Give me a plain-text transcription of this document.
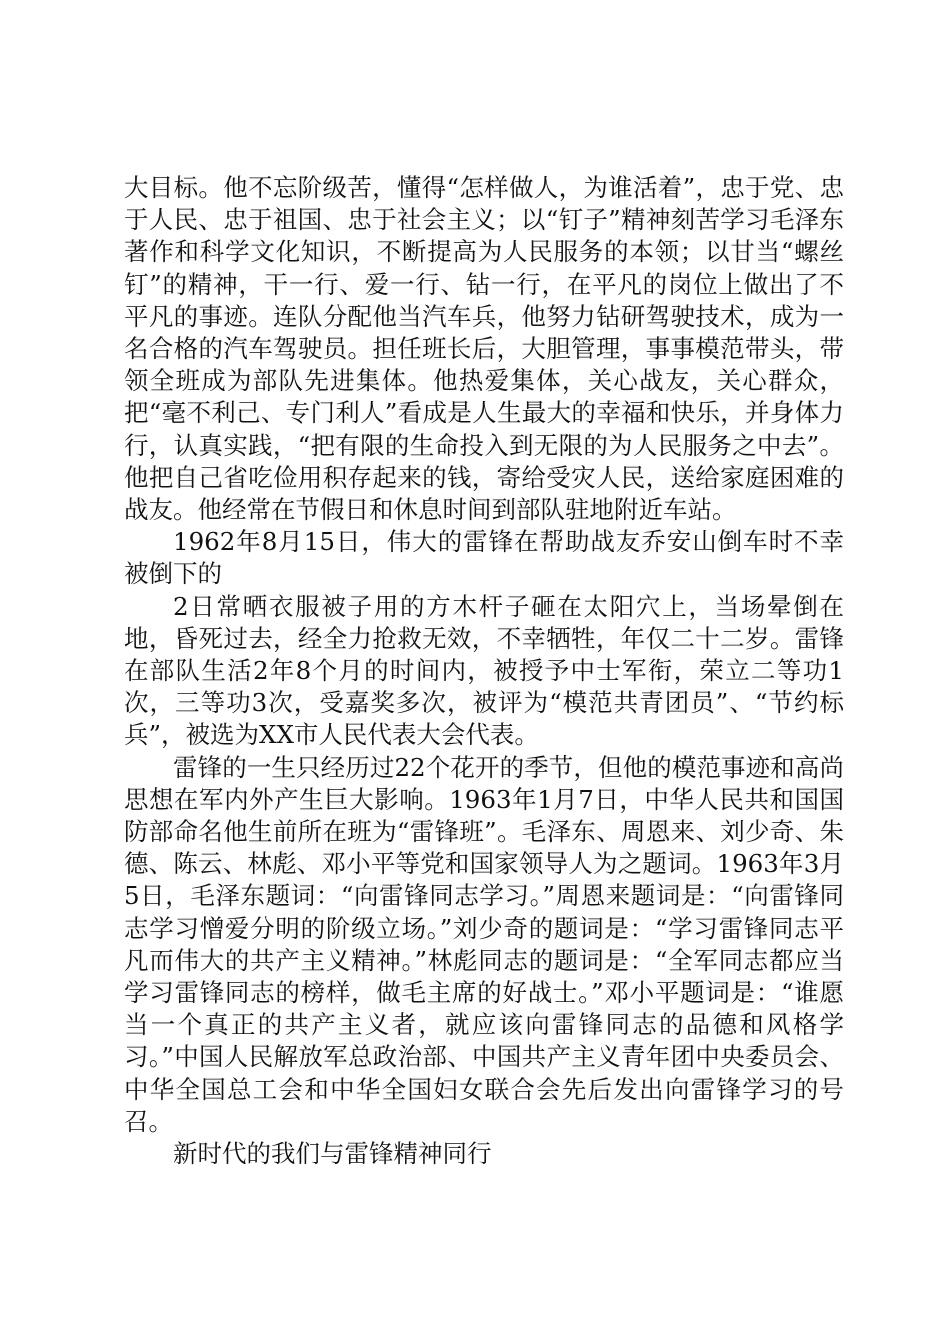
大目标。他不忘阶级苦，懂得“怎样做人，为谁活着”，忠于党、忠于人民、忠于祖国、忠于社会主义；以“钉子”精神刻苦学习毛泽东著作和科学文化知识，不断提高为人民服务的本领；以甘当“螺丝钉”的精神，干一行、爱一行、钻一行，在平凡的岗位上做出了不平凡的事迹。连队分配他当汽车兵，他努力钻研驾驶技术，成为一名合格的汽车驾驶员。担任班长后，大胆管理，事事模范带头，带领全班成为部队先进集体。他热爱集体，关心战友，关心群众，把“毫不利己、专门利人”看成是人生最大的幸福和快乐，并身体力行，认真实践，“把有限的生命投入到无限的为人民服务之中去”。他把自己省吃俭用积存起来的钱，寄给受灾人民，送给家庭困难的战友。他经常在节假日和休息时间到部队驻地附近车站。

1962年8月15日，伟大的雷锋在帮助战友乔安山倒车时不幸被倒下的

2日常晒衣服被子用的方木杆子砸在太阳穴上，当场晕倒在地，昏死过去，经全力抢救无效，不幸牺牲，年仅二十二岁。雷锋在部队生活2年8个月的时间内，被授予中士军衔，荣立二等功1次，三等功3次，受嘉奖多次，被评为“模范共青团员”、“节约标兵”，被选为XX市人民代表大会代表。

雷锋的一生只经历过22个花开的季节，但他的模范事迹和高尚思想在军内外产生巨大影响。1963年1月7日，中华人民共和国国防部命名他生前所在班为“雷锋班”。毛泽东、周恩来、刘少奇、朱德、陈云、林彪、邓小平等党和国家领导人为之题词。1963年3月5日，毛泽东题词：“向雷锋同志学习。”周恩来题词是：“向雷锋同志学习憎爱分明的阶级立场。”刘少奇的题词是：“学习雷锋同志平凡而伟大的共产主义精神。”林彪同志的题词是：“全军同志都应当学习雷锋同志的榜样，做毛主席的好战士。”邓小平题词是：“谁愿当一个真正的共产主义者，就应该向雷锋同志的品德和风格学习。”中国人民解放军总政治部、中国共产主义青年团中央委员会、中华全国总工会和中华全国妇女联合会先后发出向雷锋学习的号召。

新时代的我们与雷锋精神同行
